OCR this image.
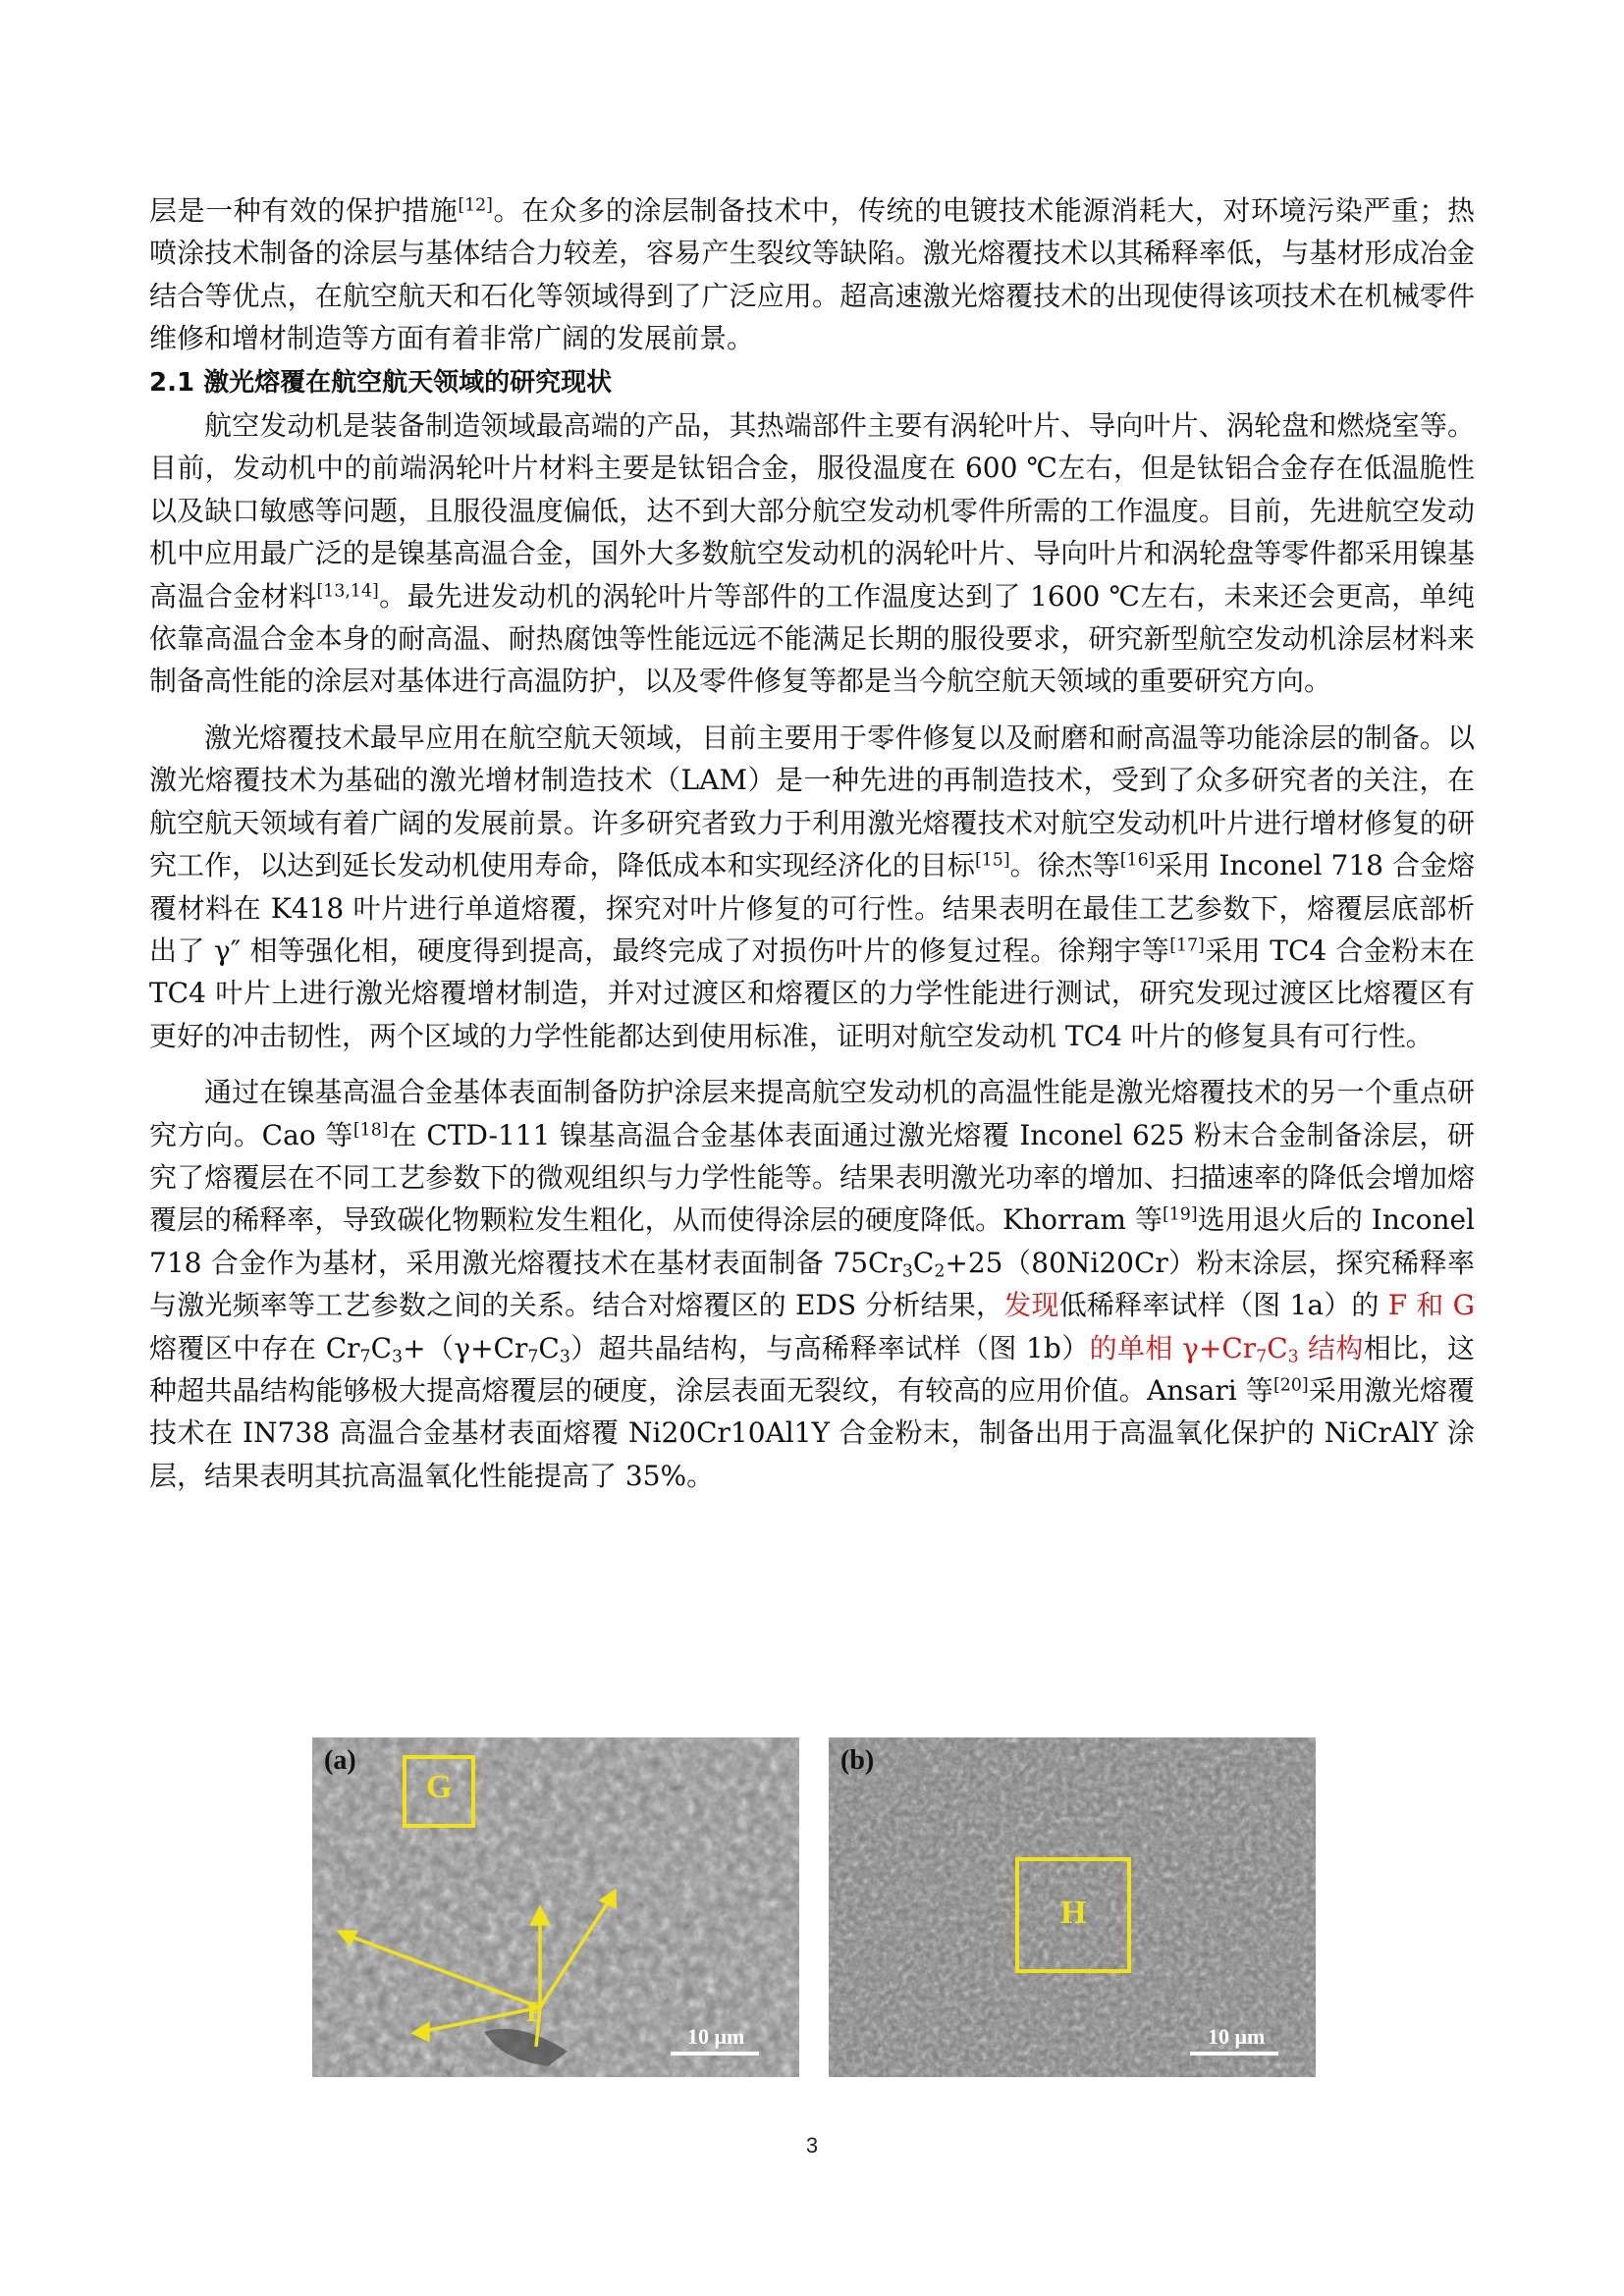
层是一种有效的保护措施[12]。在众多的涂层制备技术中，传统的电镀技术能源消耗大，对环境污染严重；热喷涂技术制备的涂层与基体结合力较差，容易产生裂纹等缺陷。激光熔覆技术以其稀释率低，与基材形成冶金结合等优点，在航空航天和石化等领域得到了广泛应用。超高速激光熔覆技术的出现使得该项技术在机械零件维修和增材制造等方面有着非常广阔的发展前景。

2.1 激光熔覆在航空航天领域的研究现状

航空发动机是装备制造领域最高端的产品，其热端部件主要有涡轮叶片、导向叶片、涡轮盘和燃烧室等。目前，发动机中的前端涡轮叶片材料主要是钛铝合金，服役温度在 600 ℃左右，但是钛铝合金存在低温脆性以及缺口敏感等问题，且服役温度偏低，达不到大部分航空发动机零件所需的工作温度。目前，先进航空发动机中应用最广泛的是镍基高温合金，国外大多数航空发动机的涡轮叶片、导向叶片和涡轮盘等零件都采用镍基高温合金材料[13,14]。最先进发动机的涡轮叶片等部件的工作温度达到了 1600 ℃左右，未来还会更高，单纯依靠高温合金本身的耐高温、耐热腐蚀等性能远远不能满足长期的服役要求，研究新型航空发动机涂层材料来制备高性能的涂层对基体进行高温防护，以及零件修复等都是当今航空航天领域的重要研究方向。

激光熔覆技术最早应用在航空航天领域，目前主要用于零件修复以及耐磨和耐高温等功能涂层的制备。以激光熔覆技术为基础的激光增材制造技术（LAM）是一种先进的再制造技术，受到了众多研究者的关注，在航空航天领域有着广阔的发展前景。许多研究者致力于利用激光熔覆技术对航空发动机叶片进行增材修复的研究工作，以达到延长发动机使用寿命，降低成本和实现经济化的目标[15]。徐杰等[16]采用 Inconel 718 合金熔覆材料在 K418 叶片进行单道熔覆，探究对叶片修复的可行性。结果表明在最佳工艺参数下，熔覆层底部析出了 γ″ 相等强化相，硬度得到提高，最终完成了对损伤叶片的修复过程。徐翔宇等[17]采用 TC4 合金粉末在 TC4 叶片上进行激光熔覆增材制造，并对过渡区和熔覆区的力学性能进行测试，研究发现过渡区比熔覆区有更好的冲击韧性，两个区域的力学性能都达到使用标准，证明对航空发动机 TC4 叶片的修复具有可行性。

通过在镍基高温合金基体表面制备防护涂层来提高航空发动机的高温性能是激光熔覆技术的另一个重点研究方向。Cao 等[18]在 CTD-111 镍基高温合金基体表面通过激光熔覆 Inconel 625 粉末合金制备涂层，研究了熔覆层在不同工艺参数下的微观组织与力学性能等。结果表明激光功率的增加、扫描速率的降低会增加熔覆层的稀释率，导致碳化物颗粒发生粗化，从而使得涂层的硬度降低。Khorram 等[19]选用退火后的 Inconel 718 合金作为基材，采用激光熔覆技术在基材表面制备 $75Cr_3C_2+25(80Ni20Cr)$粉末涂层，探究稀释率与激光频率等工艺参数之间的关系。结合对熔覆区的 EDS 分析结果，发现低稀释率试样（图 1a）的 F 和 G 熔覆区中存在 $Cr_7C_3+(\gamma+Cr_7C_3)$超共晶结构，与高稀释率试样（图 1b）的单相 $\gamma+Cr_7C_3$ 结构相比，这种超共晶结构能够极大提高熔覆层的硬度，涂层表面无裂纹，有较高的应用价值。Ansari 等[20]采用激光熔覆技术在 IN738 高温合金基材表面熔覆 Ni20Cr10Al1Y 合金粉末，制备出用于高温氧化保护的 NiCrAlY 涂层，结果表明其抗高温氧化性能提高了 35%。

(a)
G
F
10 μm
(b)
H
10 μm
3
